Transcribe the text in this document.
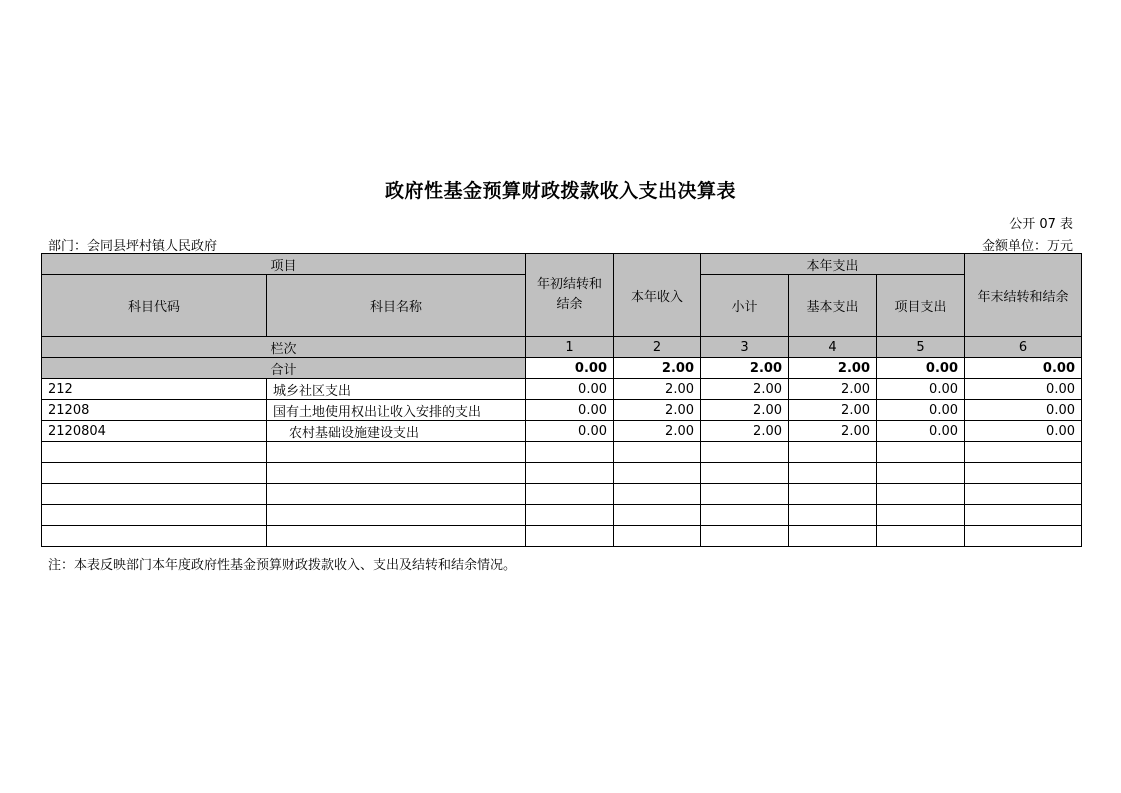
政府性基金预算财政拨款收入支出决算表
公开 07 表
部门：会同县坪村镇人民政府	金额单位：万元
项目		年初结转和结余	本年收入	本年支出			年末结转和结余
科目代码	科目名称			小计	基本支出	项目支出	
栏次		1	2	3	4	5	6
合计		0.00	2.00	2.00	2.00	0.00	0.00
212	城乡社区支出	0.00	2.00	2.00	2.00	0.00	0.00
21208	国有土地使用权出让收入安排的支出	0.00	2.00	2.00	2.00	0.00	0.00
2120804	农村基础设施建设支出	0.00	2.00	2.00	2.00	0.00	0.00

注：本表反映部门本年度政府性基金预算财政拨款收入、支出及结转和结余情况。
